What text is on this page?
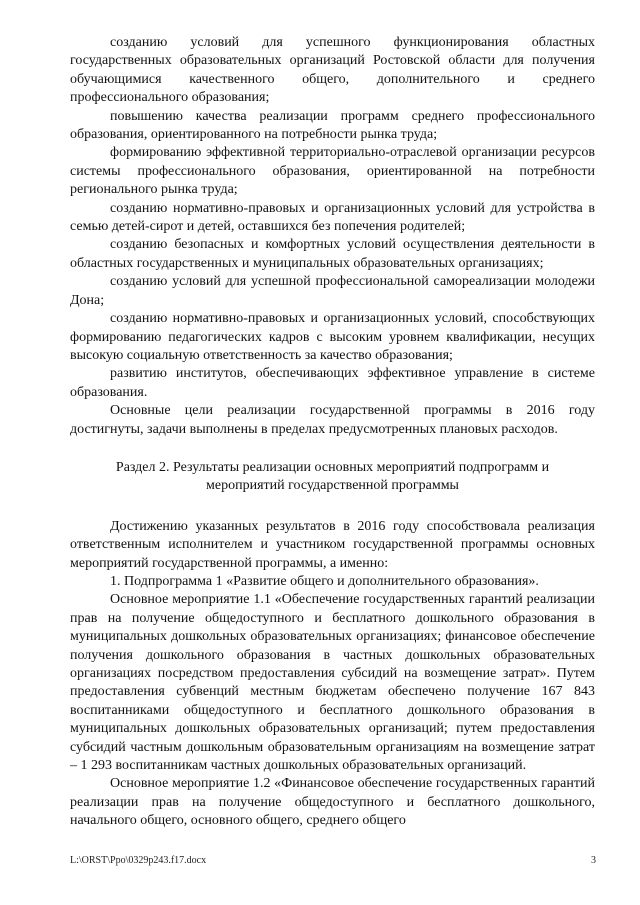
созданию условий для успешного функционирования областных государственных образовательных организаций Ростовской области для получения обучающимися качественного общего, дополнительного и среднего профессионального образования;

повышению качества реализации программ среднего профессионального образования, ориентированного на потребности рынка труда;

формированию эффективной территориально-отраслевой организации ресурсов системы профессионального образования, ориентированной на потребности регионального рынка труда;

созданию нормативно-правовых и организационных условий для устройства в семью детей-сирот и детей, оставшихся без попечения родителей;

созданию безопасных и комфортных условий осуществления деятельности в областных государственных и муниципальных образовательных организациях;

созданию условий для успешной профессиональной самореализации молодежи Дона;

созданию нормативно-правовых и организационных условий, способствующих формированию педагогических кадров с высоким уровнем квалификации, несущих высокую социальную ответственность за качество образования;

развитию институтов, обеспечивающих эффективное управление в системе образования.

Основные цели реализации государственной программы в 2016 году достигнуты, задачи выполнены в пределах предусмотренных плановых расходов.

Раздел 2. Результаты реализации основных мероприятий подпрограмм и
мероприятий государственной программы

Достижению указанных результатов в 2016 году способствовала реализация ответственным исполнителем и участником государственной программы основных мероприятий государственной программы, а именно:

1. Подпрограмма 1 «Развитие общего и дополнительного образования».

Основное мероприятие 1.1 «Обеспечение государственных гарантий реализации прав на получение общедоступного и бесплатного дошкольного образования в муниципальных дошкольных образовательных организациях; финансовое обеспечение получения дошкольного образования в частных дошкольных образовательных организациях посредством предоставления субсидий на возмещение затрат». Путем предоставления субвенций местным бюджетам обеспечено получение 167 843 воспитанниками общедоступного и бесплатного дошкольного образования в муниципальных дошкольных образовательных организаций; путем предоставления субсидий частным дошкольным образовательным организациям на возмещение затрат – 1 293 воспитанникам частных дошкольных образовательных организаций.

Основное мероприятие 1.2 «Финансовое обеспечение государственных гарантий реализации прав на получение общедоступного и бесплатного дошкольного, начального общего, основного общего, среднего общего

L:\ORST\Ppo\0329p243.f17.docx	3
